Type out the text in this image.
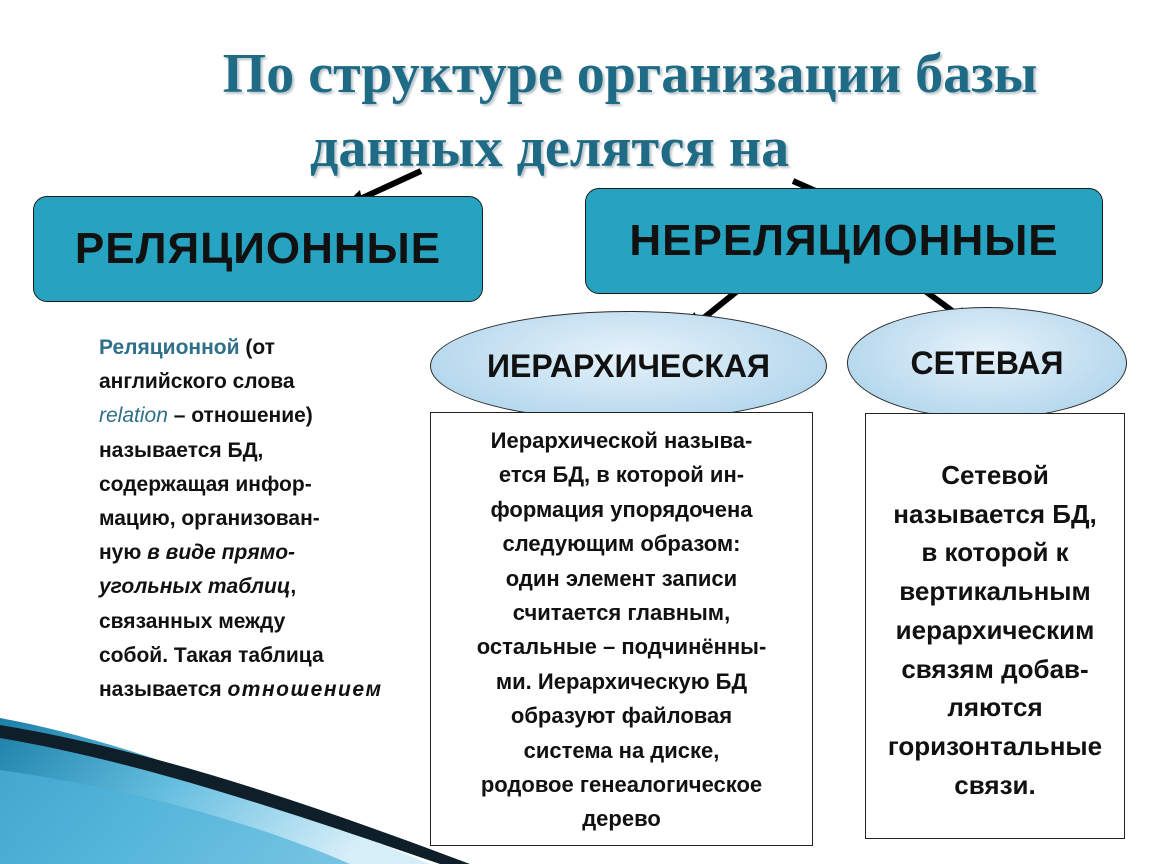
По структуре организации базы
данных делятся на
РЕЛЯЦИОННЫЕ	НЕРЕЛЯЦИОННЫЕ
ИЕРАРХИЧЕСКАЯ	СЕТЕВАЯ
Реляционной (от
английского слова
relation – отношение)
называется БД,
содержащая инфор-
мацию, организован-
ную в виде прямо-
угольных таблиц,
связанных между
собой. Такая таблица
называется отношением
Иерархической называ-
ется БД, в которой ин-
формация упорядочена
следующим образом:
один элемент записи
считается главным,
остальные – подчинённы-
ми. Иерархическую БД
образуют файловая
система на диске,
родовое генеалогическое
дерево
Сетевой
называется БД,
в которой к
вертикальным
иерархическим
связям добав-
ляются
горизонтальные
связи.
